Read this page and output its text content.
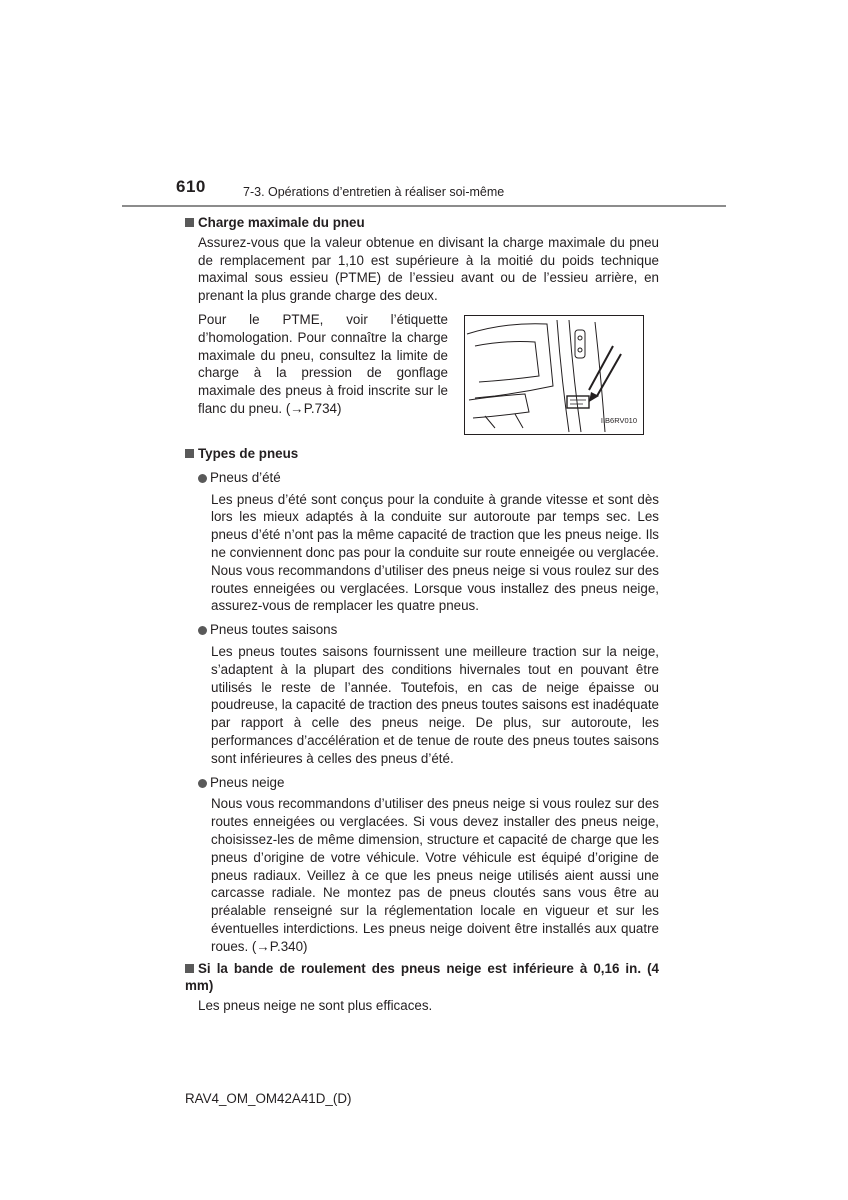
610	7-3. Opérations d’entretien à réaliser soi-même

Charge maximale du pneu

Assurez-vous que la valeur obtenue en divisant la charge maximale du pneu de remplacement par 1,10 est supérieure à la moitié du poids technique maximal sous essieu (PTME) de l’essieu avant ou de l’essieu arrière, en prenant la plus grande charge des deux.

Pour le PTME, voir l’étiquette d’homologation. Pour connaître la charge maximale du pneu, consultez la limite de charge à la pression de gonflage maximale des pneus à froid inscrite sur le flanc du pneu. (→P.734)
IIB6RV010

Types de pneus

Pneus d’été

Les pneus d’été sont conçus pour la conduite à grande vitesse et sont dès lors les mieux adaptés à la conduite sur autoroute par temps sec. Les pneus d’été n’ont pas la même capacité de traction que les pneus neige. Ils ne conviennent donc pas pour la conduite sur route enneigée ou verglacée. Nous vous recommandons d’utiliser des pneus neige si vous roulez sur des routes enneigées ou verglacées. Lorsque vous installez des pneus neige, assurez-vous de remplacer les quatre pneus.

Pneus toutes saisons

Les pneus toutes saisons fournissent une meilleure traction sur la neige, s’adaptent à la plupart des conditions hivernales tout en pouvant être utilisés le reste de l’année. Toutefois, en cas de neige épaisse ou poudreuse, la capacité de traction des pneus toutes saisons est inadéquate par rapport à celle des pneus neige. De plus, sur autoroute, les performances d’accélération et de tenue de route des pneus toutes saisons sont inférieures à celles des pneus d’été.

Pneus neige

Nous vous recommandons d’utiliser des pneus neige si vous roulez sur des routes enneigées ou verglacées. Si vous devez installer des pneus neige, choisissez-les de même dimension, structure et capacité de charge que les pneus d’origine de votre véhicule. Votre véhicule est équipé d’origine de pneus radiaux. Veillez à ce que les pneus neige utilisés aient aussi une carcasse radiale. Ne montez pas de pneus cloutés sans vous être au préalable renseigné sur la réglementation locale en vigueur et sur les éventuelles interdictions. Les pneus neige doivent être installés aux quatre roues. (→P.340)

Si la bande de roulement des pneus neige est inférieure à 0,16 in. (4 mm)

Les pneus neige ne sont plus efficaces.

RAV4_OM_OM42A41D_(D)
